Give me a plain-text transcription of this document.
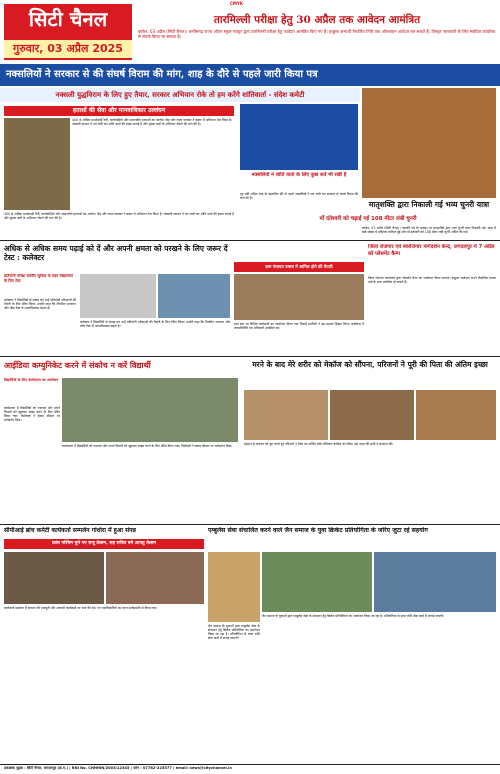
CMYK
सिटी चैनल
गुरुवार, 03 अप्रैल 2025
तारमिल्ली परीक्षा हेतु 30 अप्रैल तक आवेदन आमंत्रित
कांकेर, 03 अप्रैल (सिटी चैनल)। छत्तीसगढ़ राज्य ओपन स्कूल रायपुर द्वारा तारमिल्ली परीक्षा हेतु आवेदन आमंत्रित किए गए हैं। इच्छुक अभ्यर्थी निर्धारित तिथि तक ऑनलाइन आवेदन कर सकते हैं। विस्तृत जानकारी के लिए संबंधित कार्यालय से संपर्क किया जा सकता है।
नक्सलियों ने सरकार से की संघर्ष विराम की मांग, शाह के दौरे से पहले जारी किया पत्र
नक्सली युद्धविराम के लिए हुए तैयार, सरकार अभियान रोके तो हम करेंगे शांतिवार्ता - संदेश कमेटी
हताशों की सेवा और मानवाधिकार उल्लंघन
400 से अधिक माओवादी रैली, कार्यवाहियों और अमानवीय हत्याओं का आरोप। केंद्र और राज्य सरकार ने बस्तर में अभियान तेज किया है। नक्सली संगठन ने पत्र जारी कर शांति वार्ता की इच्छा जताई है और सुरक्षा बलों के अभियान रोकने की मांग की है।
नक्सलियों ने शांति वार्ता के लिए कुछ शर्तें भी रखी हैं
गृह मंत्री अमित शाह के प्रस्तावित दौरे से पहले नक्सलियों ने पत्र जारी कर सरकार से संघर्ष विराम की मांग की है।
400 से अधिक माओवादी रैली, कार्यवाहियों और अमानवीय हत्याओं का आरोप। केंद्र और राज्य सरकार ने बस्तर में अभियान तेज किया है। नक्सली संगठन ने पत्र जारी कर शांति वार्ता की इच्छा जताई है और सुरक्षा बलों के अभियान रोकने की मांग की है।
मातृशक्ति द्वारा निकाली गई भव्य चुनरी यात्रा
माँ दंतेश्वरी को चढ़ाई गई 108 मीटर लंबी चुनरी
कांकेर, 03 अप्रैल (सिटी चैनल)। नवरात्रि पर्व के अवसर पर मातृशक्ति द्वारा भव्य चुनरी यात्रा निकाली गई। यात्रा में बड़ी संख्या में महिलाएं शामिल हुईं और माँ दंतेश्वरी को 108 मीटर लंबी चुनरी अर्पित की गई।
अधिक से अधिक समय पढ़ाई को दें और अपनी क्षमता को परखने के लिए जरूर दें टेस्ट : कलेक्टर
प्रतियोगी परीक्षा कोचिंग सुविधा के तहत विद्यार्थियों के लिए टेस्ट
कलेक्टर ने विद्यार्थियों से संवाद कर उन्हें प्रतियोगी परीक्षाओं की तैयारी के लिए प्रेरित किया। उन्होंने कहा कि नियमित अध्ययन और मॉक टेस्ट से आत्मविश्वास बढ़ता है।
कलेक्टर ने विद्यार्थियों से संवाद कर उन्हें प्रतियोगी परीक्षाओं की तैयारी के लिए प्रेरित किया। उन्होंने कहा कि नियमित अध्ययन और मॉक टेस्ट से आत्मविश्वास बढ़ता है।
ग्राम पंचायत उत्सव में शामिल होने की तैयारी
ग्राम स्तर पर विभिन्न कार्यक्रमों का आयोजन किया गया जिसमें ग्रामीणों ने बढ़-चढ़कर हिस्सा लिया। कार्यक्रम में जनप्रतिनिधि एवं अधिकारी उपस्थित रहे।
जिला रोजगार एवं स्वरोजगार मार्गदर्शन केन्द्र, जगदलपुर में 7 अप्रैल को प्लेसमेंट कैम्प
जिला रोजगार कार्यालय द्वारा प्लेसमेंट कैम्प का आयोजन किया जाएगा। इच्छुक आवेदक अपने शैक्षणिक प्रमाण पत्रों के साथ उपस्थित हो सकते हैं।
आईडिया कम्युनिकेट करने में संकोच न करें विद्यार्थी
विद्यार्थियों के लिए कार्यशाला का आयोजन
कार्यशाला में विद्यार्थियों को नवाचार और अपने विचारों को खुलकर साझा करने के लिए प्रेरित किया गया। विशेषज्ञों ने संवाद कौशल पर मार्गदर्शन दिया।
कार्यशाला में विद्यार्थियों को नवाचार और अपने विचारों को खुलकर साझा करने के लिए प्रेरित किया गया। विशेषज्ञों ने संवाद कौशल पर मार्गदर्शन दिया।
मरने के बाद मेरे शरीर को मेकॉज को सौंपना, परिजनों ने पूरी की पिता की अंतिम इच्छा
देहदान के संकल्प को पूरा करते हुए परिजनों ने पिता का पार्थिव शरीर मेडिकल कॉलेज को सौंपा। इस पहल की सभी ने सराहना की।
सीपीआई ब्रांच कमेटी कार्यकर्ता सम्मलेन गांधोरा में हुआ संपन्न
फ्रांस पश्चिम चुने गए राजू तेलाम, सह सचिव बने आयतु तेलाम
कार्यकर्ता सम्मेलन में संगठन की मजबूती और आगामी कार्यक्रमों पर चर्चा की गई। नए पदाधिकारियों का चयन सर्वसम्मति से किया गया।
एम्बुलेंस सेवा संचालित करने वाले जैन समाज के युवा क्रिकेट प्रतियोगिता के जरिए जुटा रहे सहयोग
जैन समाज के युवाओं द्वारा एम्बुलेंस सेवा के संचालन हेतु क्रिकेट प्रतियोगिता का आयोजन किया जा रहा है। प्रतियोगिता से प्राप्त राशि सेवा कार्य में लगाई जाएगी।
जैन समाज के युवाओं द्वारा एम्बुलेंस सेवा के संचालन हेतु क्रिकेट प्रतियोगिता का आयोजन किया जा रहा है। प्रतियोगिता से प्राप्त राशि सेवा कार्य में लगाई जाएगी।
प्रकाशक मुद्रक : सिटी चैनल, जगदलपुर (छ.ग.) | RNI No. CHHHIN/2003/12345 | फोन : 07782-225577 | email: news@citychannel.in
